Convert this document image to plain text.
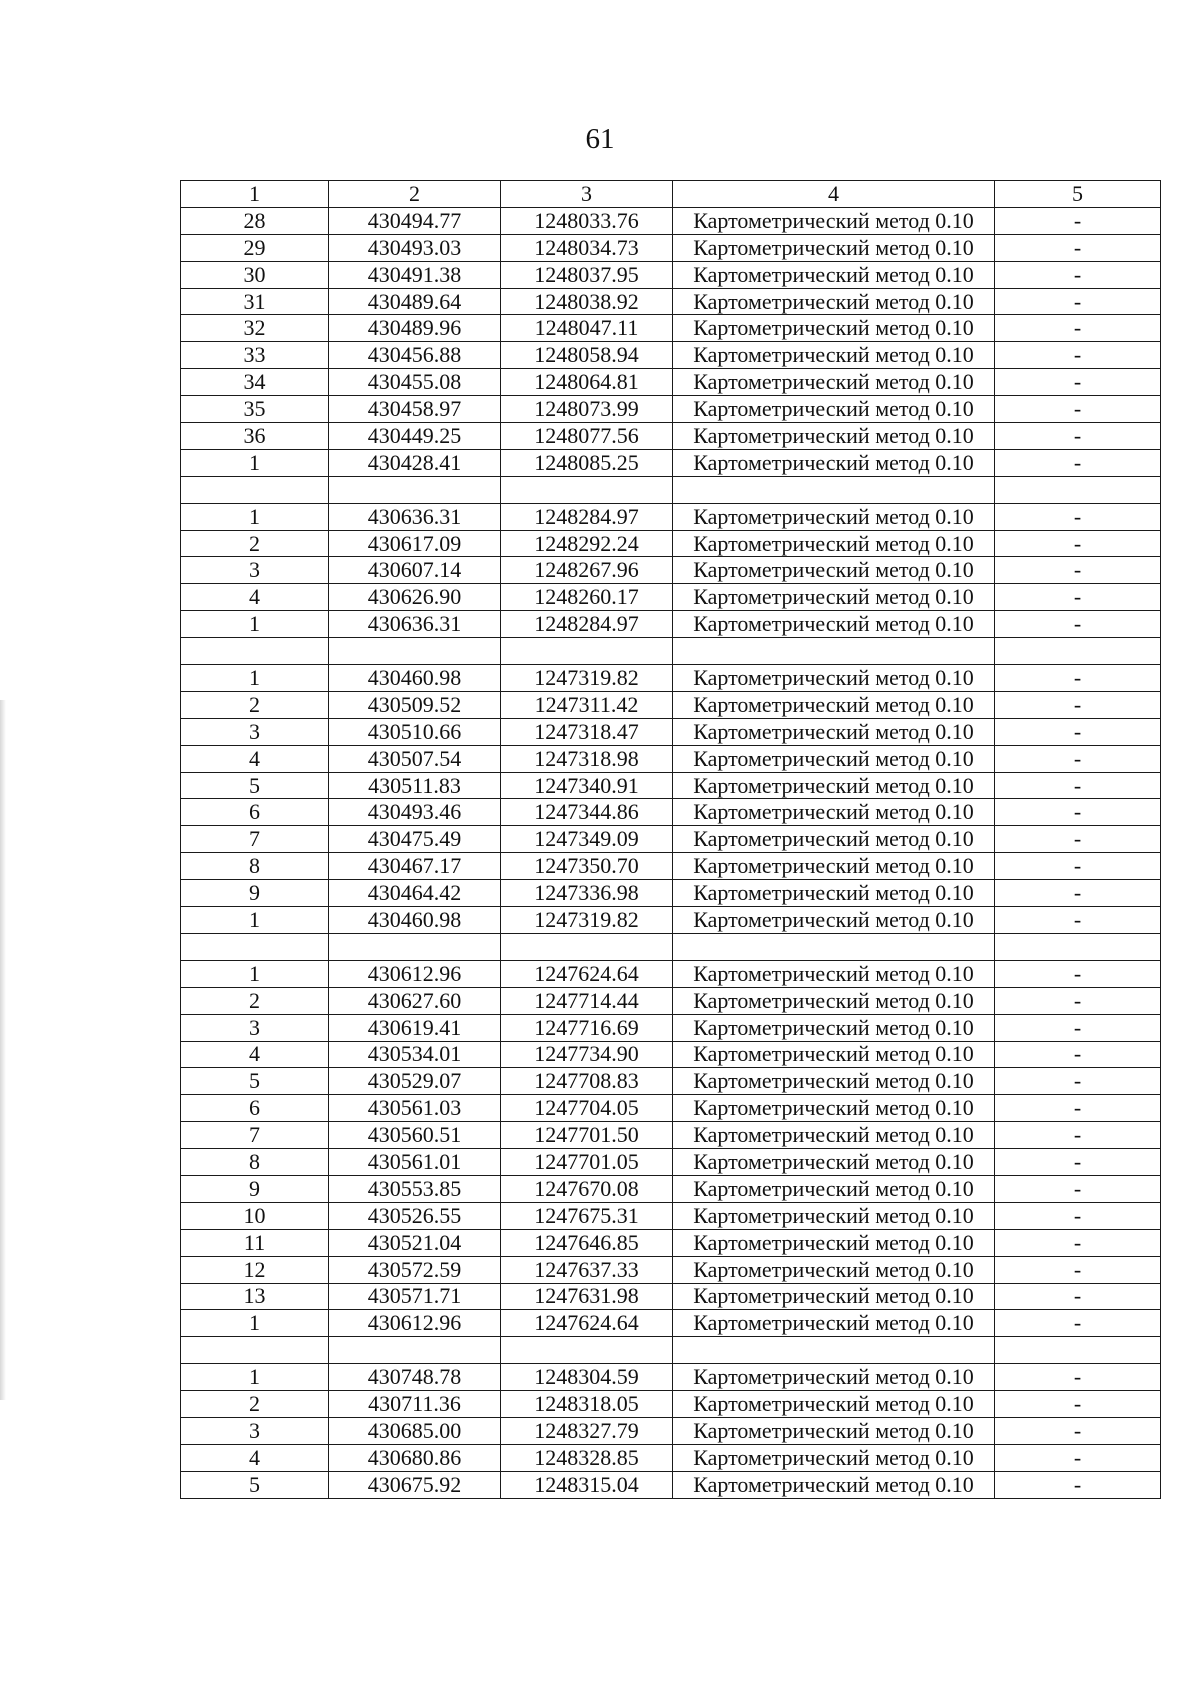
61
1	2	3	4	5
28	430494.77	1248033.76	Картометрический метод 0.10	-
29	430493.03	1248034.73	Картометрический метод 0.10	-
30	430491.38	1248037.95	Картометрический метод 0.10	-
31	430489.64	1248038.92	Картометрический метод 0.10	-
32	430489.96	1248047.11	Картометрический метод 0.10	-
33	430456.88	1248058.94	Картометрический метод 0.10	-
34	430455.08	1248064.81	Картометрический метод 0.10	-
35	430458.97	1248073.99	Картометрический метод 0.10	-
36	430449.25	1248077.56	Картометрический метод 0.10	-
1	430428.41	1248085.25	Картометрический метод 0.10	-

1	430636.31	1248284.97	Картометрический метод 0.10	-
2	430617.09	1248292.24	Картометрический метод 0.10	-
3	430607.14	1248267.96	Картометрический метод 0.10	-
4	430626.90	1248260.17	Картометрический метод 0.10	-
1	430636.31	1248284.97	Картометрический метод 0.10	-

1	430460.98	1247319.82	Картометрический метод 0.10	-
2	430509.52	1247311.42	Картометрический метод 0.10	-
3	430510.66	1247318.47	Картометрический метод 0.10	-
4	430507.54	1247318.98	Картометрический метод 0.10	-
5	430511.83	1247340.91	Картометрический метод 0.10	-
6	430493.46	1247344.86	Картометрический метод 0.10	-
7	430475.49	1247349.09	Картометрический метод 0.10	-
8	430467.17	1247350.70	Картометрический метод 0.10	-
9	430464.42	1247336.98	Картометрический метод 0.10	-
1	430460.98	1247319.82	Картометрический метод 0.10	-

1	430612.96	1247624.64	Картометрический метод 0.10	-
2	430627.60	1247714.44	Картометрический метод 0.10	-
3	430619.41	1247716.69	Картометрический метод 0.10	-
4	430534.01	1247734.90	Картометрический метод 0.10	-
5	430529.07	1247708.83	Картометрический метод 0.10	-
6	430561.03	1247704.05	Картометрический метод 0.10	-
7	430560.51	1247701.50	Картометрический метод 0.10	-
8	430561.01	1247701.05	Картометрический метод 0.10	-
9	430553.85	1247670.08	Картометрический метод 0.10	-
10	430526.55	1247675.31	Картометрический метод 0.10	-
11	430521.04	1247646.85	Картометрический метод 0.10	-
12	430572.59	1247637.33	Картометрический метод 0.10	-
13	430571.71	1247631.98	Картометрический метод 0.10	-
1	430612.96	1247624.64	Картометрический метод 0.10	-

1	430748.78	1248304.59	Картометрический метод 0.10	-
2	430711.36	1248318.05	Картометрический метод 0.10	-
3	430685.00	1248327.79	Картометрический метод 0.10	-
4	430680.86	1248328.85	Картометрический метод 0.10	-
5	430675.92	1248315.04	Картометрический метод 0.10	-
